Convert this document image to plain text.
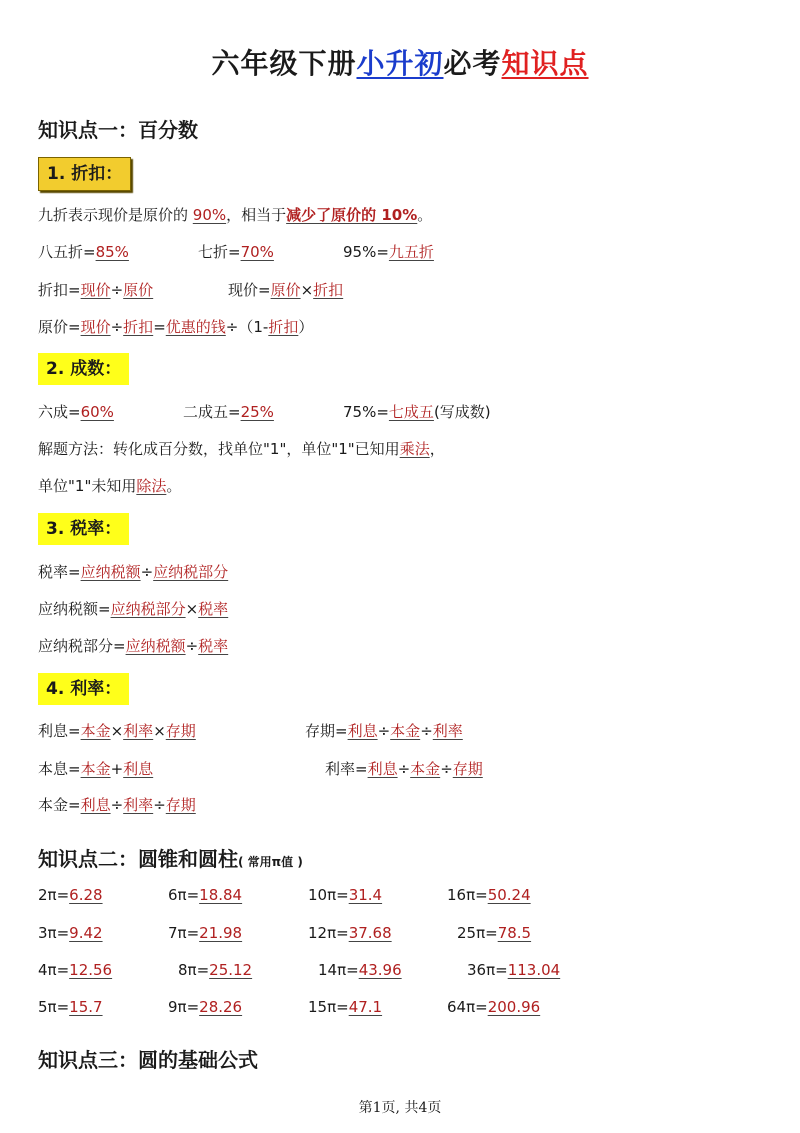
六年级下册小升初必考知识点
知识点一：百分数
1. 折扣：
九折表示现价是原价的 90%，相当于减少了原价的 10%。
八五折=85%	七折=70%	95%=九五折
折扣=现价÷原价	现价=原价×折扣
原价=现价÷折扣=优惠的钱÷（1-折扣）
2. 成数：
六成=60%	二成五=25%	75%=七成五(写成数)
解题方法：转化成百分数，找单位"1"，单位"1"已知用乘法，
单位"1"未知用除法。
3. 税率：
税率=应纳税额÷应纳税部分
应纳税额=应纳税部分×税率
应纳税部分=应纳税额÷税率
4. 利率：
利息=本金×利率×存期	存期=利息÷本金÷利率
本息=本金+利息	利率=利息÷本金÷存期
本金=利息÷利率÷存期
知识点二：圆锥和圆柱( 常用π值 )
2π=6.28	6π=18.84	10π=31.4	16π=50.24
3π=9.42	7π=21.98	12π=37.68	25π=78.5
4π=12.56	8π=25.12	14π=43.96	36π=113.04
5π=15.7	9π=28.26	15π=47.1	64π=200.96
知识点三：圆的基础公式
第1页, 共4页
